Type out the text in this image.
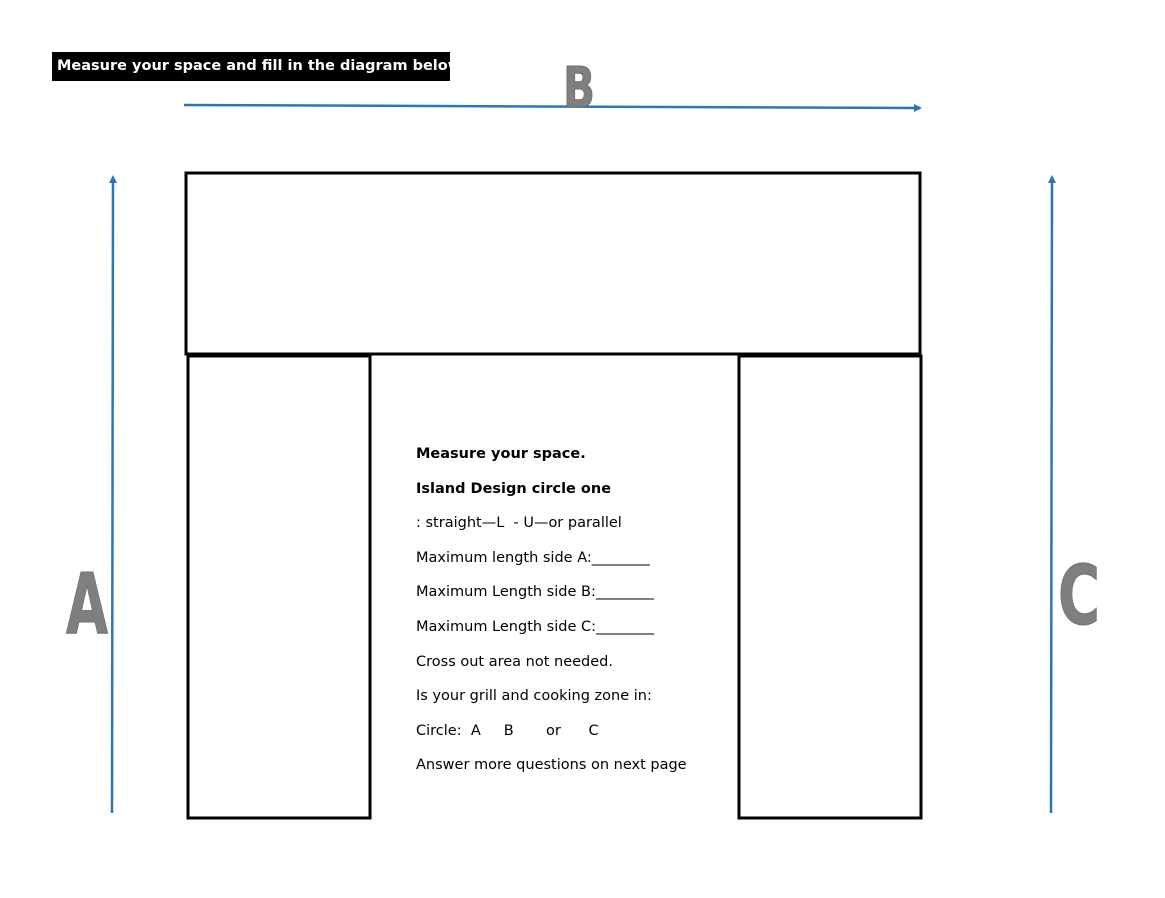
Measure your space and fill in the diagram below B
A	C
Measure your space.
Island Design circle one
: straight—L  - U—or parallel
Maximum length side A:________
Maximum Length side B:________
Maximum Length side C:________
Cross out area not needed.
Is your grill and cooking zone in:
Circle:  A     B       or      C
Answer more questions on next page
